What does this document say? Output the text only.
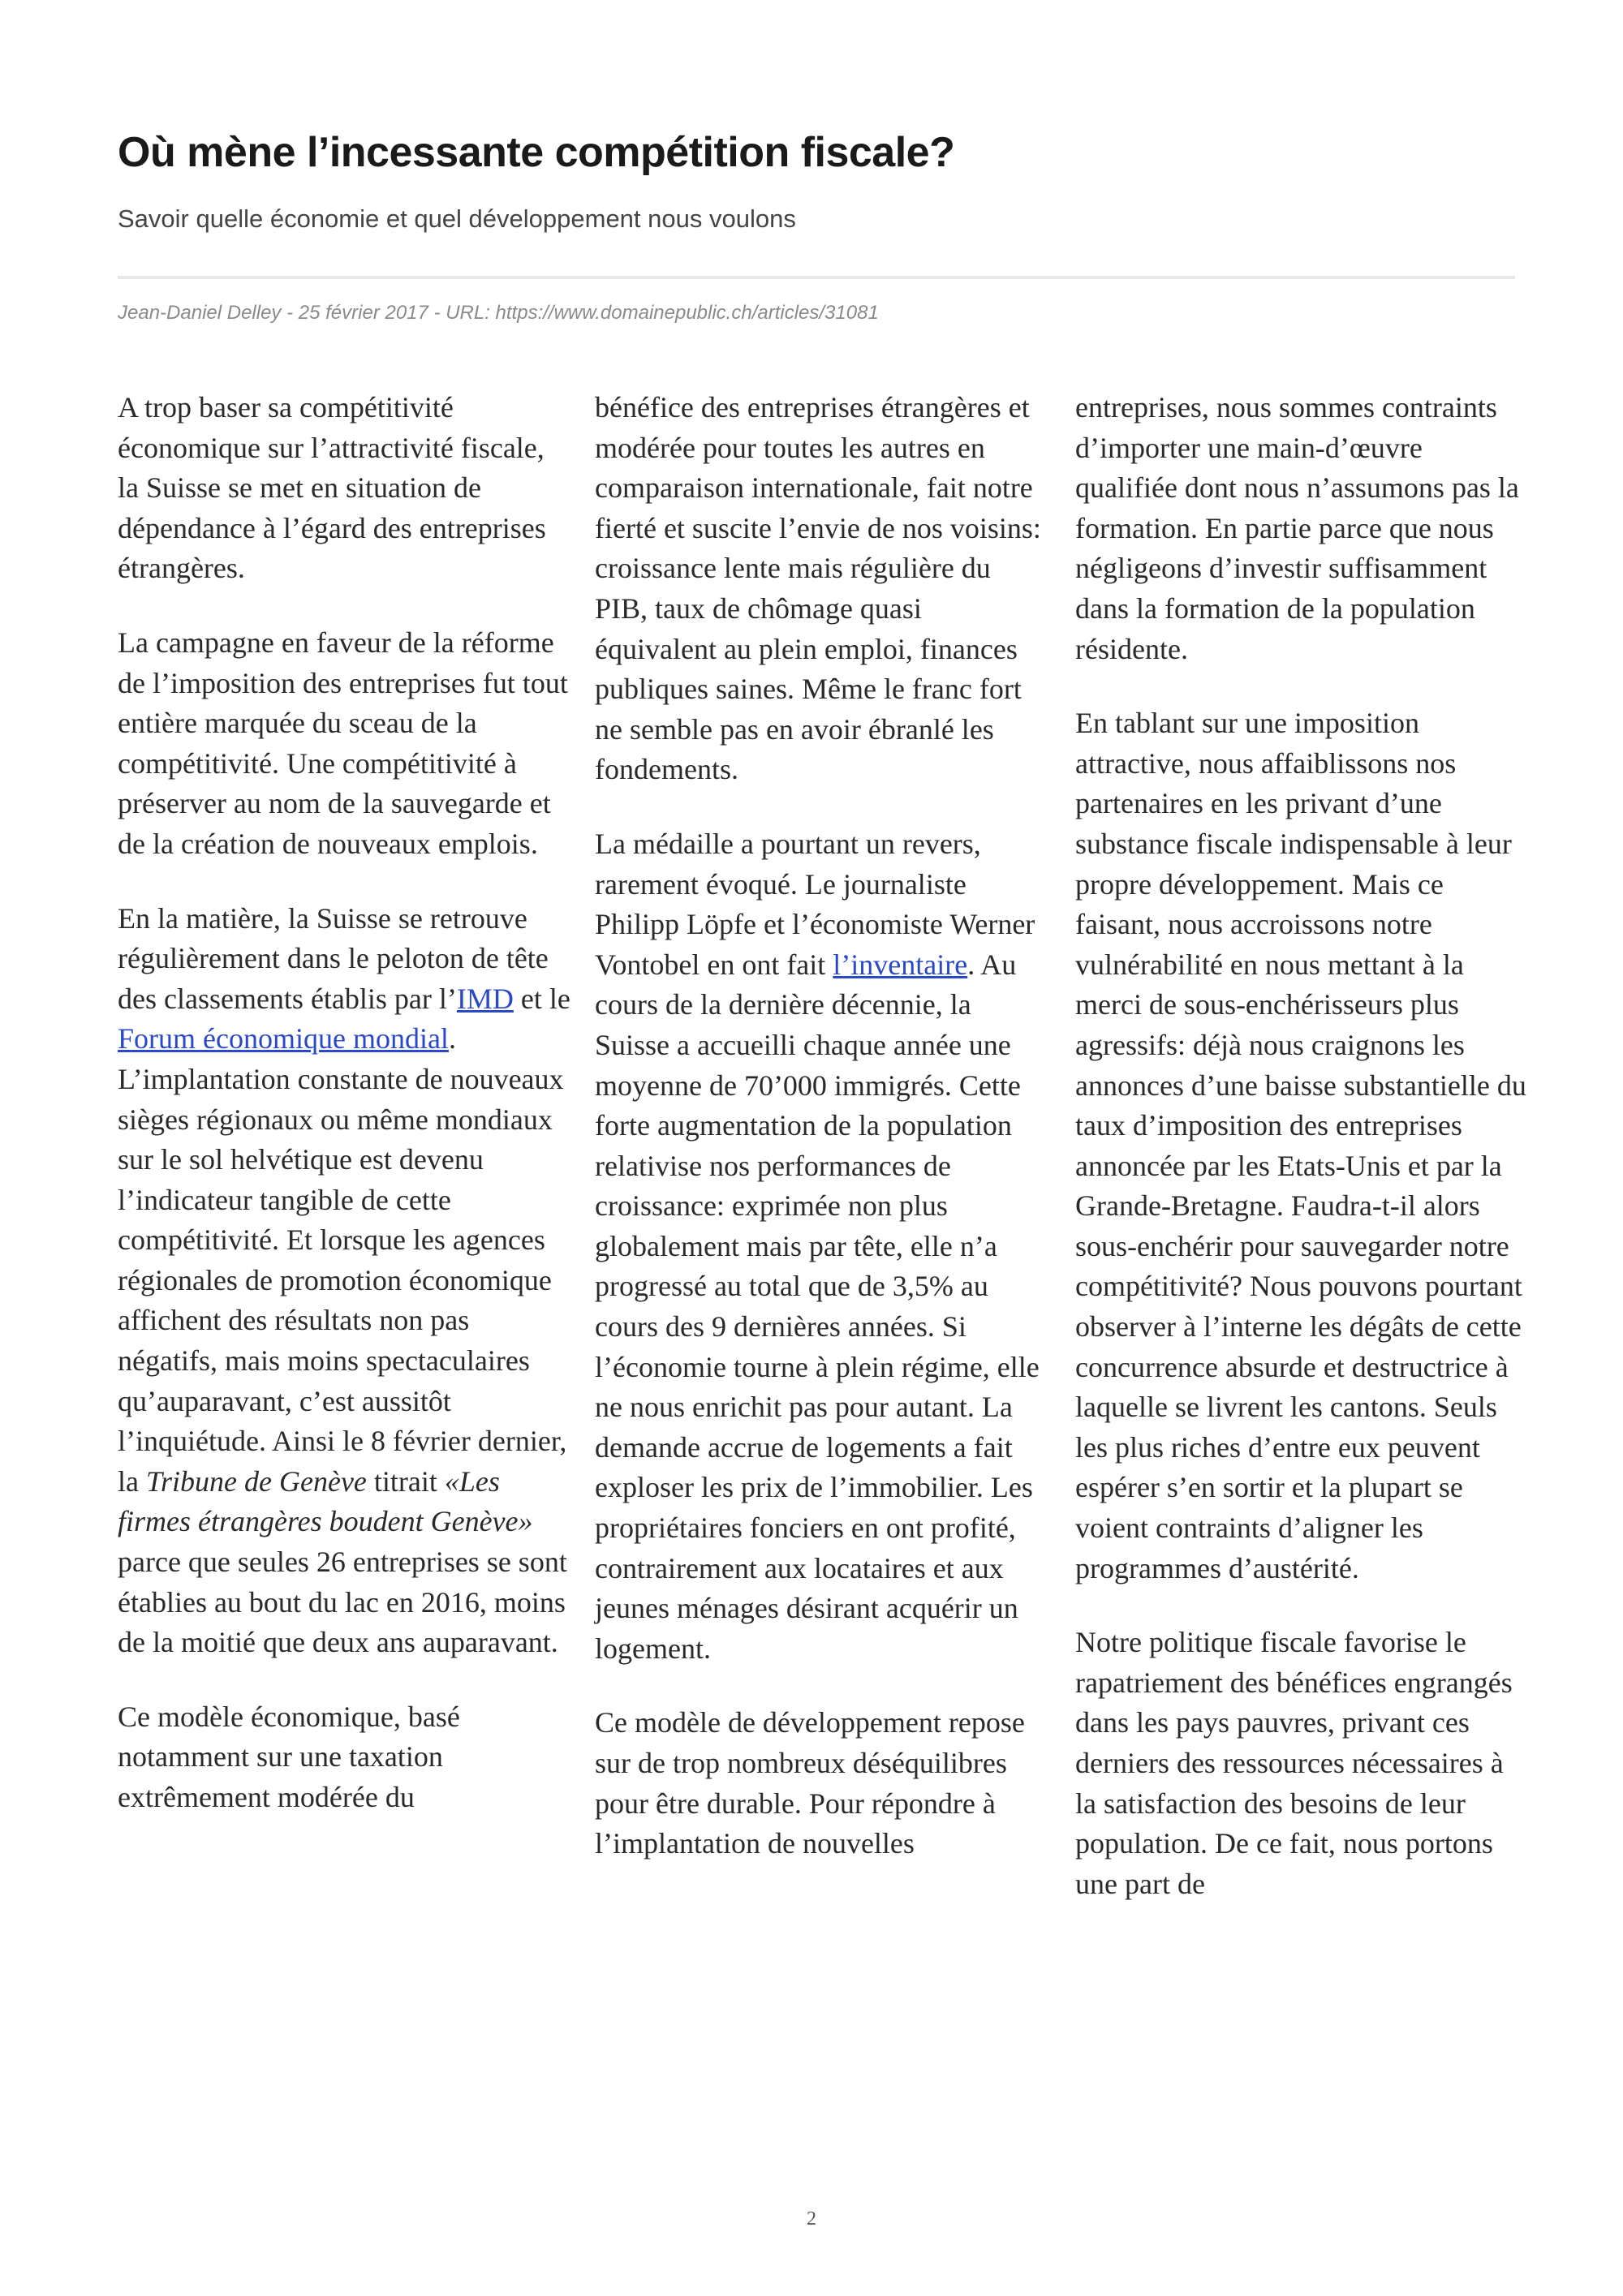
Où mène l’incessante compétition fiscale?
Savoir quelle économie et quel développement nous voulons
Jean-Daniel Delley - 25 février 2017 - URL: https://www.domainepublic.ch/articles/31081

A trop baser sa compétitivité économique sur l’attractivité fiscale, la Suisse se met en situation de dépendance à l’égard des entreprises étrangères.

La campagne en faveur de la réforme de l’imposition des entreprises fut tout entière marquée du sceau de la compétitivité. Une compétitivité à préserver au nom de la sauvegarde et de la création de nouveaux emplois.

En la matière, la Suisse se retrouve régulièrement dans le peloton de tête des classements établis par l’IMD et le Forum économique mondial. L’implantation constante de nouveaux sièges régionaux ou même mondiaux sur le sol helvétique est devenu l’indicateur tangible de cette compétitivité. Et lorsque les agences régionales de promotion économique affichent des résultats non pas négatifs, mais moins spectaculaires qu’auparavant, c’est aussitôt l’inquiétude. Ainsi le 8 février dernier, la Tribune de Genève titrait «Les firmes étrangères boudent Genève» parce que seules 26 entreprises se sont établies au bout du lac en 2016, moins de la moitié que deux ans auparavant.

Ce modèle économique, basé notamment sur une taxation extrêmement modérée du

bénéfice des entreprises étrangères et modérée pour toutes les autres en comparaison internationale, fait notre fierté et suscite l’envie de nos voisins: croissance lente mais régulière du PIB, taux de chômage quasi équivalent au plein emploi, finances publiques saines. Même le franc fort ne semble pas en avoir ébranlé les fondements.

La médaille a pourtant un revers, rarement évoqué. Le journaliste Philipp Löpfe et l’économiste Werner Vontobel en ont fait l’inventaire. Au cours de la dernière décennie, la Suisse a accueilli chaque année une moyenne de 70’000 immigrés. Cette forte augmentation de la population relativise nos performances de croissance: exprimée non plus globalement mais par tête, elle n’a progressé au total que de 3,5% au cours des 9 dernières années. Si l’économie tourne à plein régime, elle ne nous enrichit pas pour autant. La demande accrue de logements a fait exploser les prix de l’immobilier. Les propriétaires fonciers en ont profité, contrairement aux locataires et aux jeunes ménages désirant acquérir un logement.

Ce modèle de développement repose sur de trop nombreux déséquilibres pour être durable. Pour répondre à l’implantation de nouvelles

entreprises, nous sommes contraints d’importer une main-d’œuvre qualifiée dont nous n’assumons pas la formation. En partie parce que nous négligeons d’investir suffisamment dans la formation de la population résidente.

En tablant sur une imposition attractive, nous affaiblissons nos partenaires en les privant d’une substance fiscale indispensable à leur propre développement. Mais ce faisant, nous accroissons notre vulnérabilité en nous mettant à la merci de sous-enchérisseurs plus agressifs: déjà nous craignons les annonces d’une baisse substantielle du taux d’imposition des entreprises annoncée par les Etats-Unis et par la Grande-Bretagne. Faudra-t-il alors sous-enchérir pour sauvegarder notre compétitivité? Nous pouvons pourtant observer à l’interne les dégâts de cette concurrence absurde et destructrice à laquelle se livrent les cantons. Seuls les plus riches d’entre eux peuvent espérer s’en sortir et la plupart se voient contraints d’aligner les programmes d’austérité.

Notre politique fiscale favorise le rapatriement des bénéfices engrangés dans les pays pauvres, privant ces derniers des ressources nécessaires à la satisfaction des besoins de leur population. De ce fait, nous portons une part de

2
